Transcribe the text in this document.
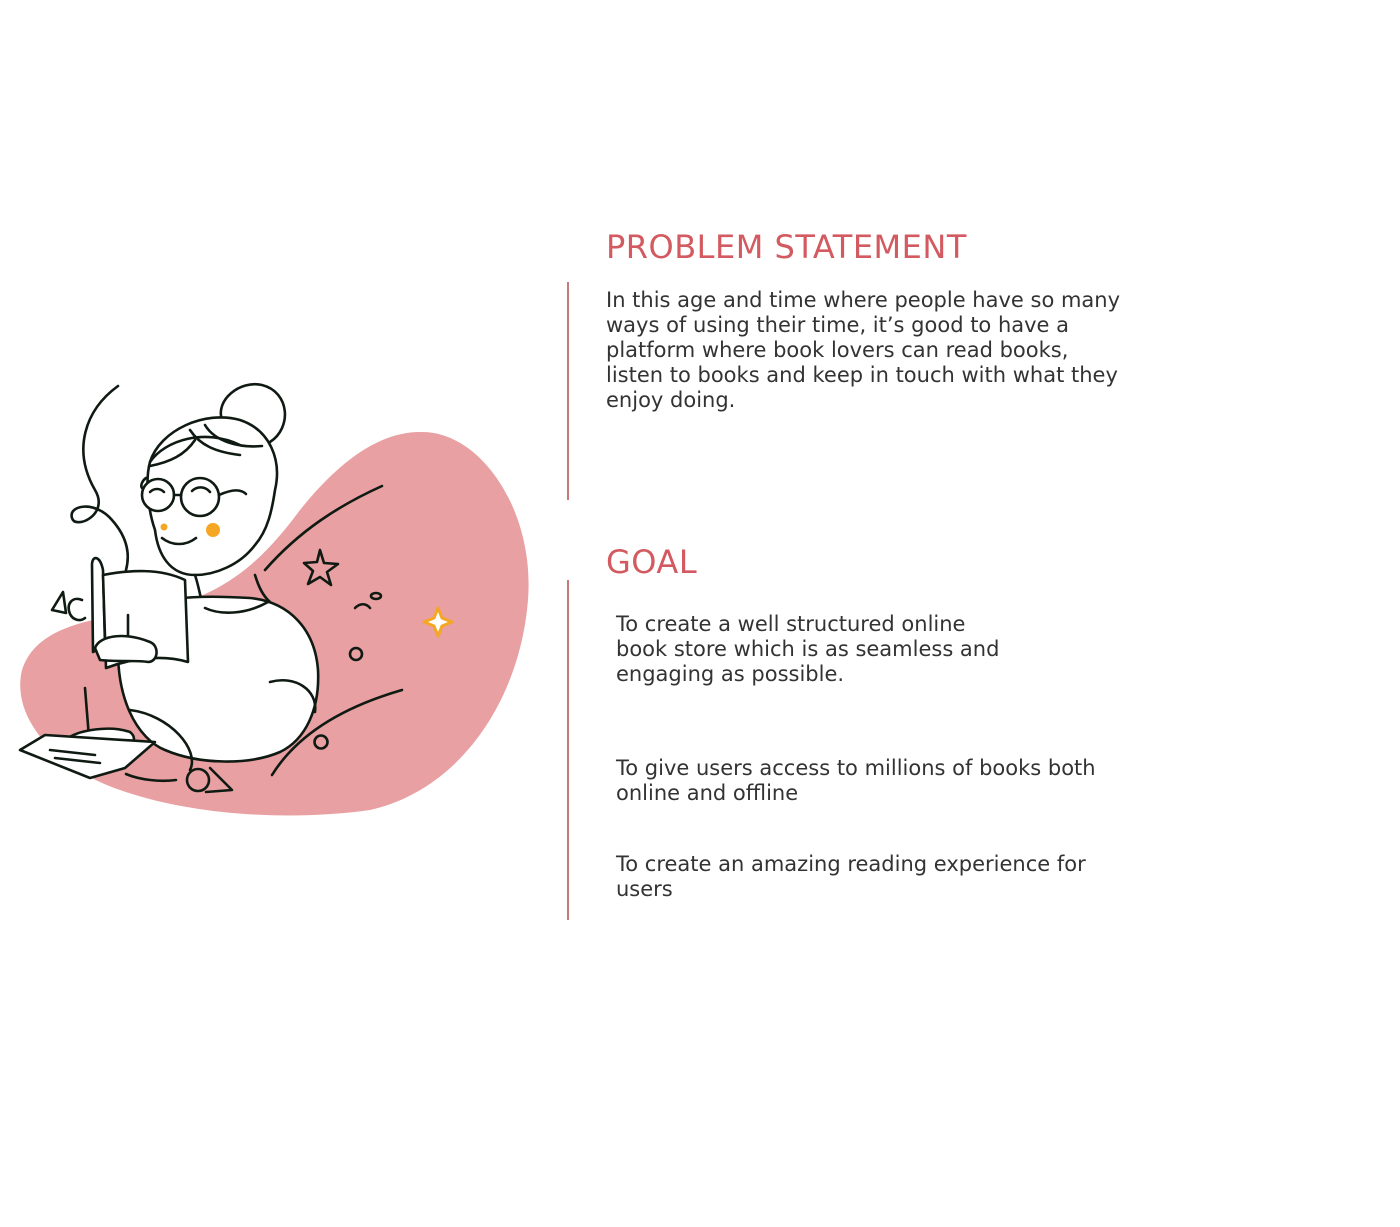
PROBLEM STATEMENT

In this age and time where people have so many ways of using their time, it’s good to have a platform where book lovers can read books, listen to books and keep in touch with what they enjoy doing.

GOAL

To create a well structured online book store which is as seamless and engaging as possible.

To give users access to millions of books both online and offline

To create an amazing reading experience for users
